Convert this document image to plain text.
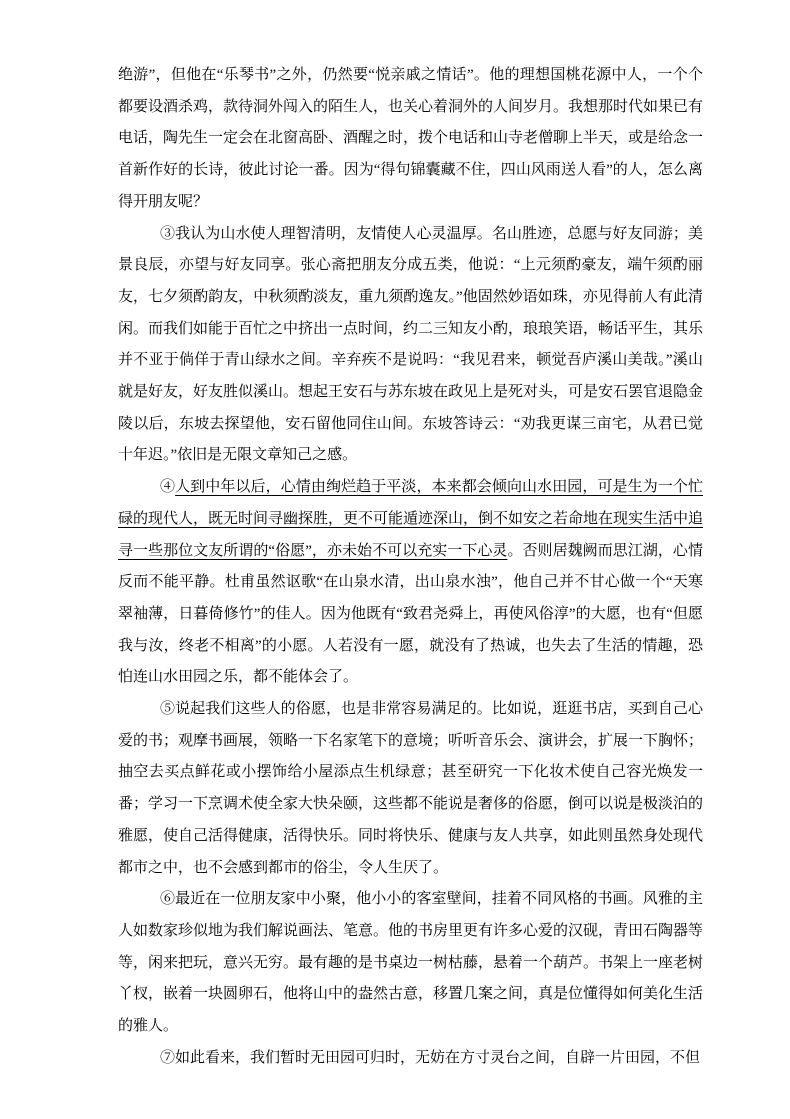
绝游”，但他在“乐琴书”之外，仍然要“悦亲戚之情话”。他的理想国桃花源中人，一个个都要设酒杀鸡，款待洞外闯入的陌生人，也关心着洞外的人间岁月。我想那时代如果已有电话，陶先生一定会在北窗高卧、酒醒之时，拨个电话和山寺老僧聊上半天，或是给念一首新作好的长诗，彼此讨论一番。因为“得句锦囊藏不住，四山风雨送人看”的人，怎么离得开朋友呢？

③我认为山水使人理智清明，友情使人心灵温厚。名山胜迹，总愿与好友同游；美景良辰，亦望与好友同享。张心斋把朋友分成五类，他说：“上元须酌豪友，端午须酌丽友，七夕须酌韵友，中秋须酌淡友，重九须酌逸友。”他固然妙语如珠，亦见得前人有此清闲。而我们如能于百忙之中挤出一点时间，约二三知友小酌，琅琅笑语，畅话平生，其乐并不亚于倘佯于青山绿水之间。辛弃疾不是说吗：“我见君来，顿觉吾庐溪山美哉。”溪山就是好友，好友胜似溪山。想起王安石与苏东坡在政见上是死对头，可是安石罢官退隐金陵以后，东坡去探望他，安石留他同住山间。东坡答诗云：“劝我更谋三亩宅，从君已觉十年迟。”依旧是无限文章知己之感。

④人到中年以后，心情由绚烂趋于平淡，本来都会倾向山水田园，可是生为一个忙碌的现代人，既无时间寻幽探胜，更不可能遁迹深山，倒不如安之若命地在现实生活中追寻一些那位文友所谓的“俗愿”，亦未始不可以充实一下心灵。否则居魏阙而思江湖，心情反而不能平静。杜甫虽然讴歌“在山泉水清，出山泉水浊”，他自己并不甘心做一个“天寒翠袖薄，日暮倚修竹”的佳人。因为他既有“致君尧舜上，再使风俗淳”的大愿，也有“但愿我与汝，终老不相离”的小愿。人若没有一愿，就没有了热诚，也失去了生活的情趣，恐怕连山水田园之乐，都不能体会了。

⑤说起我们这些人的俗愿，也是非常容易满足的。比如说，逛逛书店，买到自己心爱的书；观摩书画展，领略一下名家笔下的意境；听听音乐会、演讲会，扩展一下胸怀；抽空去买点鲜花或小摆饰给小屋添点生机绿意；甚至研究一下化妆术使自己容光焕发一番；学习一下烹调术使全家大快朵颐，这些都不能说是奢侈的俗愿，倒可以说是极淡泊的雅愿，使自己活得健康，活得快乐。同时将快乐、健康与友人共享，如此则虽然身处现代都市之中，也不会感到都市的俗尘，令人生厌了。

⑥最近在一位朋友家中小聚，他小小的客室壁间，挂着不同风格的书画。风雅的主人如数家珍似地为我们解说画法、笔意。他的书房里更有许多心爱的汉砚，青田石陶器等等，闲来把玩，意兴无穷。最有趣的是书桌边一树枯藤，悬着一个葫芦。书架上一座老树丫杈，嵌着一块圆卵石，他将山中的盎然古意，移置几案之间，真是位懂得如何美化生活的雅人。

⑦如此看来，我们暂时无田园可归时，无妨在方寸灵台之间，自辟一片田园，不但
